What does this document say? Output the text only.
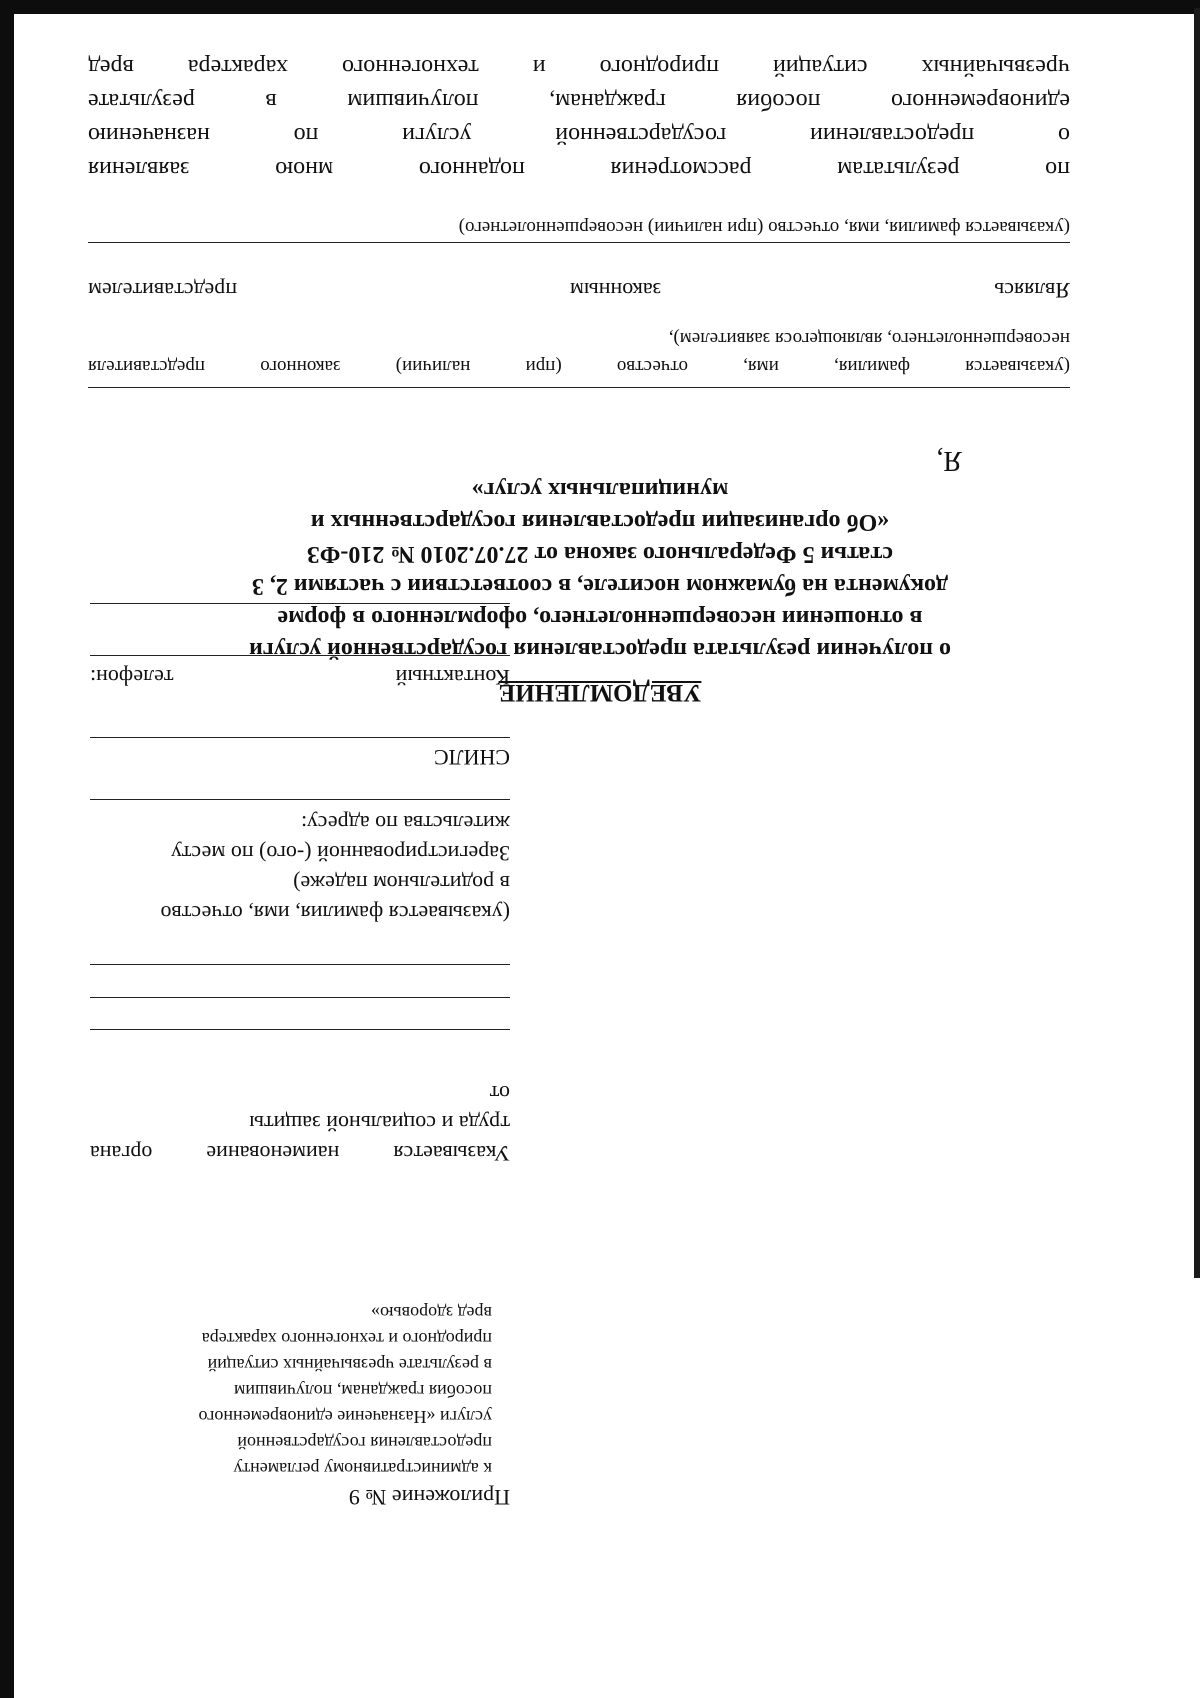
Приложение № 9
к административному регламенту
предоставления государственной
услуги «Назначение единовременного
пособия гражданам, получившим
в результате чрезвычайных ситуаций
природного и техногенного характера
вред здоровью»
Указывается наименование органа
труда и социальной защиты
от
(указывается фамилия, имя, отчество
в родительном падеже)
Зарегистрированной (-ого) по месту
жительства по адресу:
СНИЛС
Контактный
телефон:
УВЕДОМЛЕНИЕ
о получении результата предоставления государственной услуги
в отношении несовершеннолетнего, оформленного в форме
документа на бумажном носителе, в соответствии с частями 2, 3
статьи 5 Федерального закона от 27.07.2010 № 210-ФЗ
«Об организации предоставления государственных и
муниципальных услуг»
Я,
(указывается фамилия, имя, отчество (при наличии) законного представителя
несовершеннолетнего, являющегося заявителем),
Являясь
законным
представителем
(указывается фамилия, имя, отчество (при наличии) несовершеннолетнего)
по результатам рассмотрения поданного мною заявления
о предоставлении государственной услуги по назначению
единовременного пособия гражданам, получившим в результате
чрезвычайных ситуаций природного и техногенного характера вред
